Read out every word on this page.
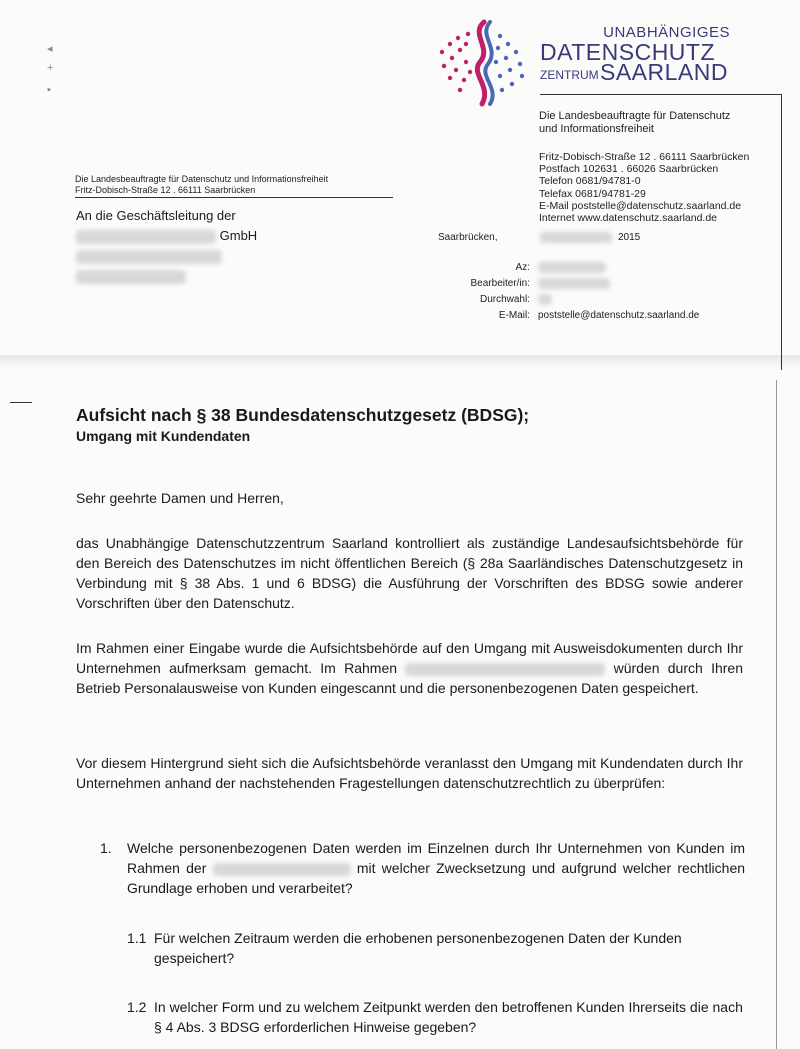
◂
+
▪
UNABHÄNGIGES
DATENSCHUTZ
ZENTRUM SAARLAND
Die Landesbeauftragte für Datenschutz
und Informationsfreiheit
Fritz-Dobisch-Straße 12 . 66111 Saarbrücken
Postfach 102631 . 66026 Saarbrücken
Telefon 0681/94781-0
Telefax 0681/94781-29
E-Mail poststelle@datenschutz.saarland.de
Internet www.datenschutz.saarland.de
Die Landesbeauftragte für Datenschutz und Informationsfreiheit
Fritz-Dobisch-Straße 12 . 66111 Saarbrücken
An die Geschäftsleitung der
GmbH	Saarbrücken,	2015
Az:
Bearbeiter/in:
Durchwahl:
E-Mail: poststelle@datenschutz.saarland.de
Aufsicht nach § 38 Bundesdatenschutzgesetz (BDSG);
Umgang mit Kundendaten
Sehr geehrte Damen und Herren,
das Unabhängige Datenschutzzentrum Saarland kontrolliert als zuständige Landesaufsichtsbehörde für den Bereich des Datenschutzes im nicht öffentlichen Bereich (§ 28a Saarländisches Datenschutzgesetz in Verbindung mit § 38 Abs. 1 und 6 BDSG) die Ausführung der Vorschriften des BDSG sowie anderer Vorschriften über den Datenschutz.
Im Rahmen einer Eingabe wurde die Aufsichtsbehörde auf den Umgang mit Ausweisdokumenten durch Ihr Unternehmen aufmerksam gemacht. Im Rahmen	würden durch Ihren Betrieb Personalausweise von Kunden eingescannt und die personenbezogenen Daten gespeichert.
Vor diesem Hintergrund sieht sich die Aufsichtsbehörde veranlasst den Umgang mit Kundendaten durch Ihr Unternehmen anhand der nachstehenden Fragestellungen datenschutzrechtlich zu überprüfen:
1. Welche personenbezogenen Daten werden im Einzelnen durch Ihr Unternehmen von Kunden im Rahmen der	mit welcher Zwecksetzung und aufgrund welcher rechtlichen Grundlage erhoben und verarbeitet?
1.1 Für welchen Zeitraum werden die erhobenen personenbezogenen Daten der Kunden gespeichert?
1.2 In welcher Form und zu welchem Zeitpunkt werden den betroffenen Kunden Ihrerseits die nach § 4 Abs. 3 BDSG erforderlichen Hinweise gegeben?
